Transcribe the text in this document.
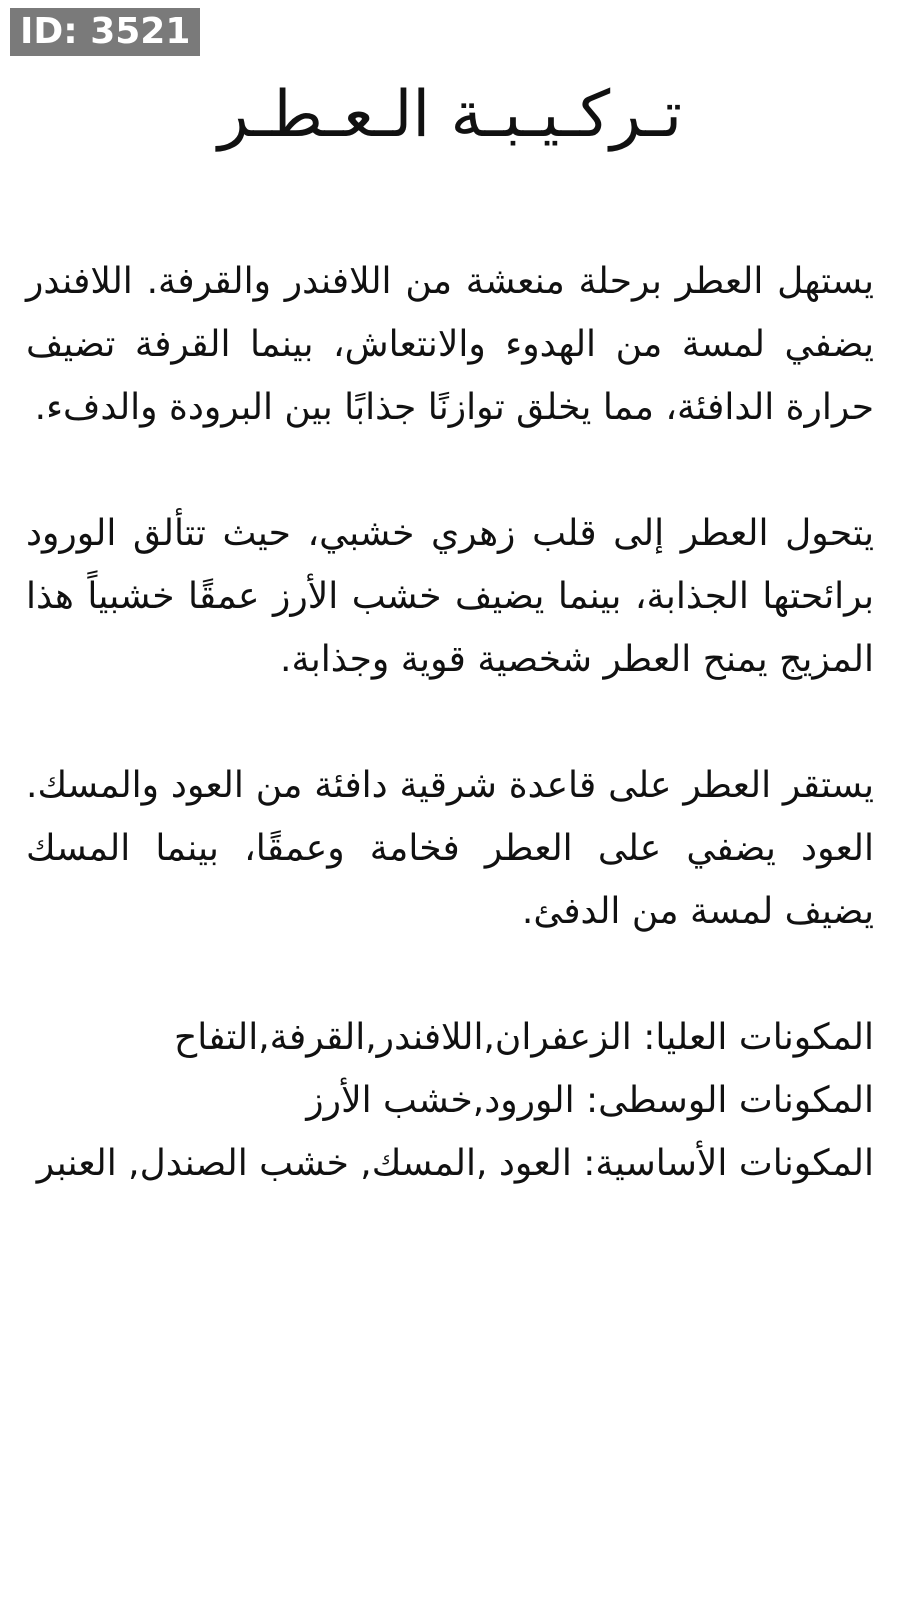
ID: 3521
تـركـيـبـة الـعـطـر

يستهل العطر برحلة منعشة من اللافندر والقرفة. اللافندر يضفي لمسة من الهدوء والانتعاش، بينما القرفة تضيف حرارة الدافئة، مما يخلق توازنًا جذابًا بين البرودة والدفء.

يتحول العطر إلى قلب زهري خشبي، حيث تتألق الورود برائحتها الجذابة، بينما يضيف خشب الأرز عمقًا خشبياً هذا المزيج يمنح العطر شخصية قوية وجذابة.

يستقر العطر على قاعدة شرقية دافئة من العود والمسك. العود يضفي على العطر فخامة وعمقًا، بينما المسك يضيف لمسة من الدفئ.

المكونات العليا: الزعفران,اللافندر,القرفة,التفاح
المكونات الوسطى: الورود,خشب الأرز
المكونات الأساسية: العود ,المسك, خشب الصندل, العنبر
